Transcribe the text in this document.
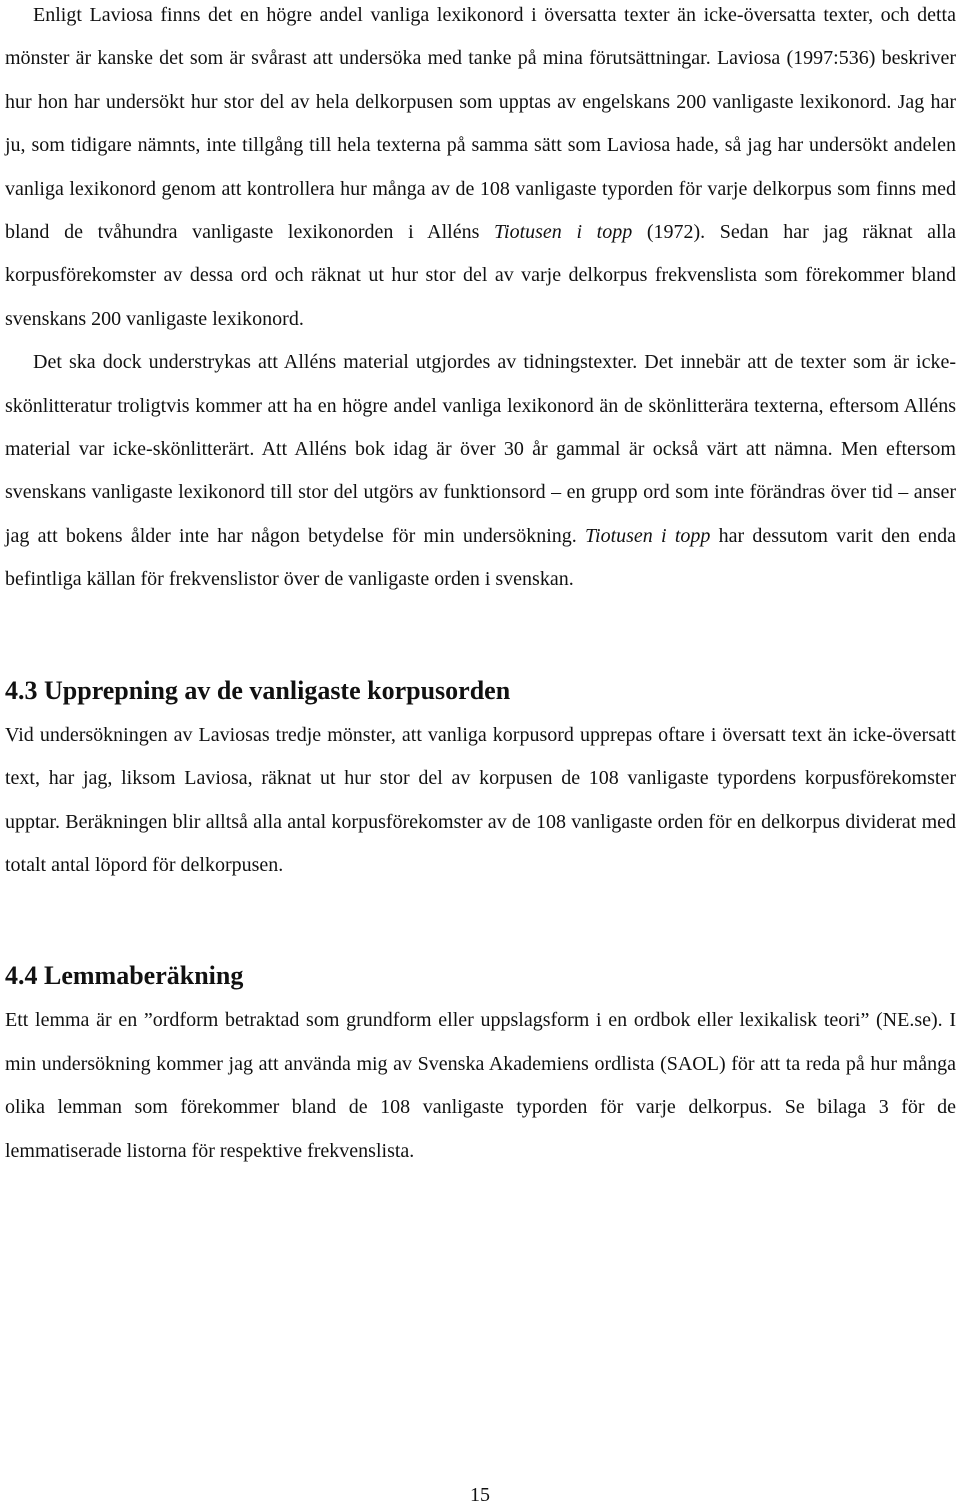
Enligt Laviosa finns det en högre andel vanliga lexikonord i översatta texter än icke-översatta texter, och detta mönster är kanske det som är svårast att undersöka med tanke på mina förutsättningar. Laviosa (1997:536) beskriver hur hon har undersökt hur stor del av hela delkorpusen som upptas av engelskans 200 vanligaste lexikonord. Jag har ju, som tidigare nämnts, inte tillgång till hela texterna på samma sätt som Laviosa hade, så jag har undersökt andelen vanliga lexikonord genom att kontrollera hur många av de 108 vanligaste typorden för varje delkorpus som finns med bland de tvåhundra vanligaste lexikonorden i Alléns Tiotusen i topp (1972). Sedan har jag räknat alla korpusförekomster av dessa ord och räknat ut hur stor del av varje delkorpus frekvenslista som förekommer bland svenskans 200 vanligaste lexikonord.

Det ska dock understrykas att Alléns material utgjordes av tidningstexter. Det innebär att de texter som är icke-skönlitteratur troligtvis kommer att ha en högre andel vanliga lexikonord än de skönlitterära texterna, eftersom Alléns material var icke-skönlitterärt. Att Alléns bok idag är över 30 år gammal är också värt att nämna. Men eftersom svenskans vanligaste lexikonord till stor del utgörs av funktionsord – en grupp ord som inte förändras över tid – anser jag att bokens ålder inte har någon betydelse för min undersökning. Tiotusen i topp har dessutom varit den enda befintliga källan för frekvenslistor över de vanligaste orden i svenskan.

4.3 Upprepning av de vanligaste korpusorden

Vid undersökningen av Laviosas tredje mönster, att vanliga korpusord upprepas oftare i översatt text än icke-översatt text, har jag, liksom Laviosa, räknat ut hur stor del av korpusen de 108 vanligaste typordens korpusförekomster upptar. Beräkningen blir alltså alla antal korpusförekomster av de 108 vanligaste orden för en delkorpus dividerat med totalt antal löpord för delkorpusen.

4.4 Lemmaberäkning

Ett lemma är en ”ordform betraktad som grundform eller uppslagsform i en ordbok eller lexikalisk teori” (NE.se). I min undersökning kommer jag att använda mig av Svenska Akademiens ordlista (SAOL) för att ta reda på hur många olika lemman som förekommer bland de 108 vanligaste typorden för varje delkorpus. Se bilaga 3 för de lemmatiserade listorna för respektive frekvenslista.

15
